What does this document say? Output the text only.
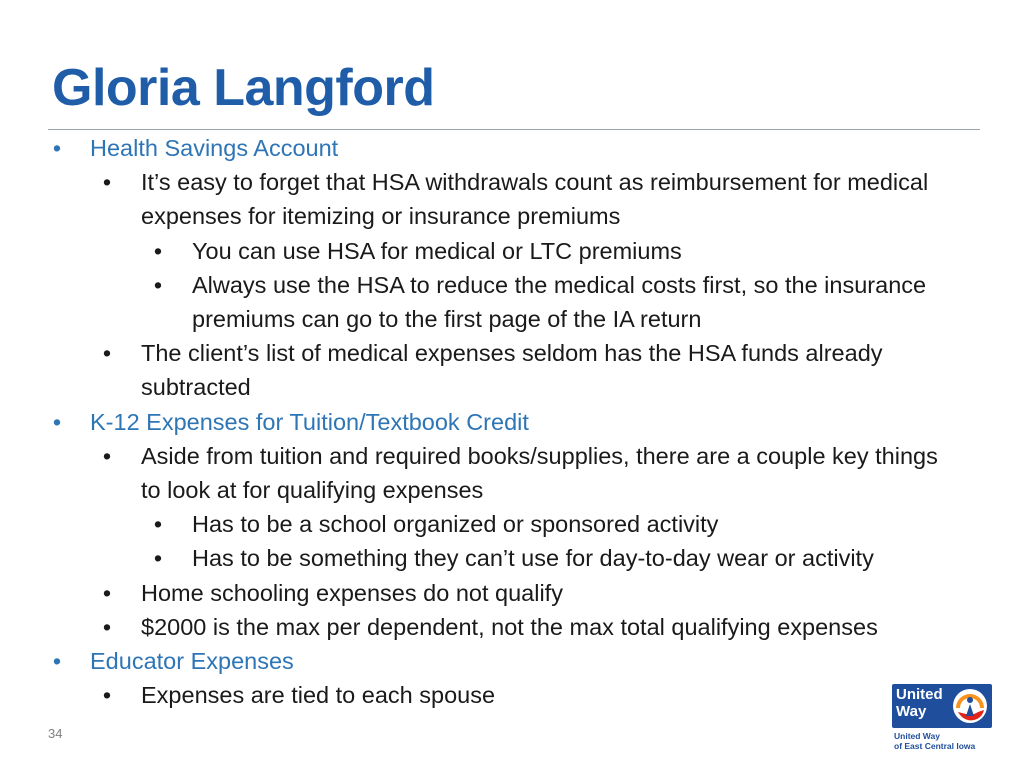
Gloria Langford
• Health Savings Account
• It’s easy to forget that HSA withdrawals count as reimbursement for medical expenses for itemizing or insurance premiums
• You can use HSA for medical or LTC premiums
• Always use the HSA to reduce the medical costs first, so the insurance premiums can go to the first page of the IA return
• The client’s list of medical expenses seldom has the HSA funds already subtracted
• K-12 Expenses for Tuition/Textbook Credit
• Aside from tuition and required books/supplies, there are a couple key things to look at for qualifying expenses
• Has to be a school organized or sponsored activity
• Has to be something they can’t use for day-to-day wear or activity
• Home schooling expenses do not qualify
• $2000 is the max per dependent, not the max total qualifying expenses
• Educator Expenses
• Expenses are tied to each spouse
34
United
Way
United Way
of East Central Iowa
